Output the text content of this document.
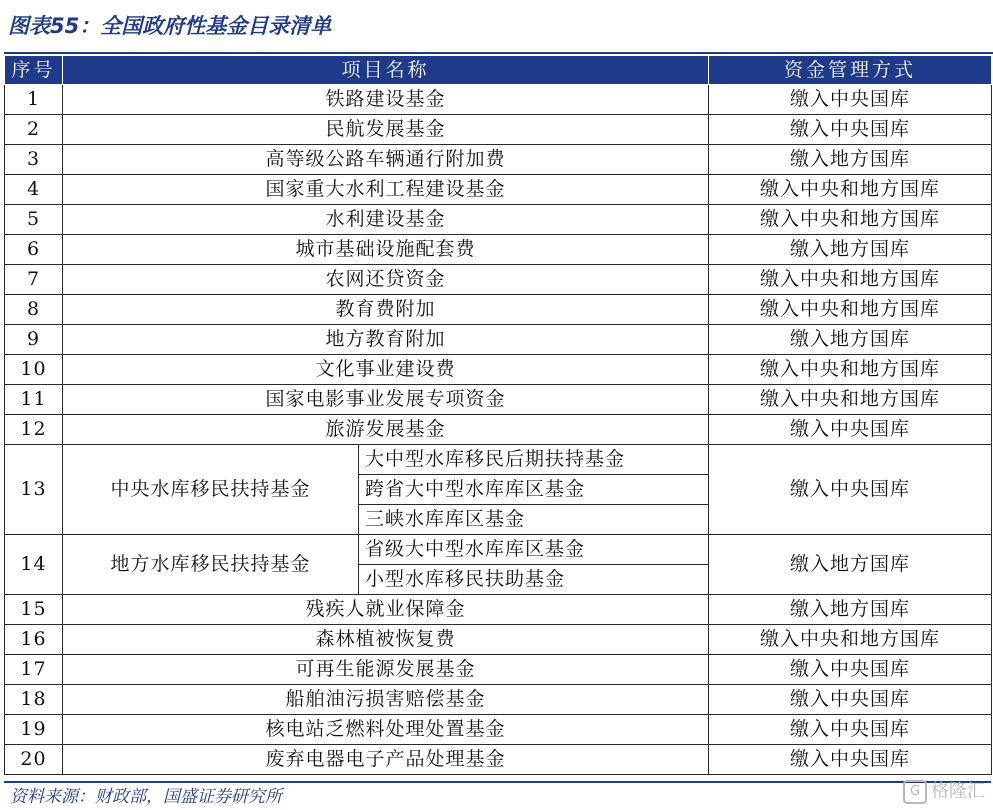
图表55：全国政府性基金目录清单
序号	项目名称		资金管理方式
1	铁路建设基金		缴入中央国库
2	民航发展基金		缴入中央国库
3	高等级公路车辆通行附加费		缴入地方国库
4	国家重大水利工程建设基金		缴入中央和地方国库
5	水利建设基金		缴入中央和地方国库
6	城市基础设施配套费		缴入地方国库
7	农网还贷资金		缴入中央和地方国库
8	教育费附加		缴入中央和地方国库
9	地方教育附加		缴入地方国库
10	文化事业建设费		缴入中央和地方国库
11	国家电影事业发展专项资金		缴入中央和地方国库
12	旅游发展基金		缴入中央国库
13	中央水库移民扶持基金	大中型水库移民后期扶持基金	缴入中央国库
		跨省大中型水库库区基金	
		三峡水库库区基金	
14	地方水库移民扶持基金	省级大中型水库库区基金	缴入地方国库
		小型水库移民扶助基金	
15	残疾人就业保障金		缴入地方国库
16	森林植被恢复费		缴入中央和地方国库
17	可再生能源发展基金		缴入中央国库
18	船舶油污损害赔偿基金		缴入中央国库
19	核电站乏燃料处理处置基金		缴入中央国库
20	废弃电器电子产品处理基金		缴入中央国库
资料来源：财政部，国盛证券研究所	G 格隆汇
